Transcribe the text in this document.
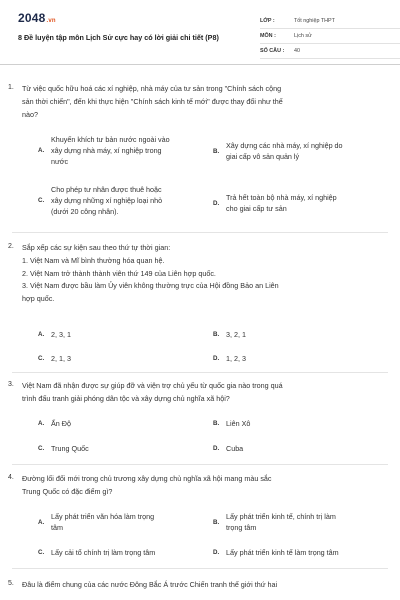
2048.vn
8 Đề luyện tập môn Lịch Sử cực hay có lời giải chi tiết (P8)
LỚP :	Tốt nghiệp THPT
MÔN :	Lịch sử
SỐ CÂU :	40
1. Từ việc quốc hữu hoá các xí nghiệp, nhà máy của tư sản trong "Chính sách cộng
sản thời chiến", đến khi thực hiện "Chính sách kinh tế mới" được thay đổi như thế
nào?
A.
Khuyến khích tư bản nước ngoài vào
xây dựng nhà máy, xí nghiệp trong
nước
B.
Xây dựng các nhà máy, xí nghiệp do
giai cấp vô sản quản lý
C.
Cho phép tư nhân được thuê hoặc
xây dựng những xí nghiệp loại nhỏ
(dưới 20 công nhân).
D.
Trả hết toàn bộ nhà máy, xí nghiệp
cho giai cấp tư sản
2. Sắp xếp các sự kiện sau theo thứ tự thời gian:
1. Việt Nam và Mĩ bình thường hóa quan hệ.
2. Việt Nam trở thành thành viên thứ 149 của Liên hợp quốc.
3. Việt Nam được bầu làm Ủy viên không thường trực của Hội đồng Bảo an Liên
hợp quốc.
A. 2, 3, 1	B. 3, 2, 1
C. 2, 1, 3	D. 1, 2, 3
3. Việt Nam đã nhận được sự giúp đỡ và viện trợ chủ yếu từ quốc gia nào trong quá
trình đấu tranh giải phóng dân tộc và xây dựng chủ nghĩa xã hội?
A. Ấn Độ	B. Liên Xô
C. Trung Quốc	D. Cuba
4. Đường lối đổi mới trong chủ trương xây dựng chủ nghĩa xã hội mang màu sắc
Trung Quốc có đặc điểm gì?
A.
Lấy phát triển văn hóa làm trọng
tâm
B.
Lấy phát triển kinh tế, chính trị làm
trọng tâm
C. Lấy cải tổ chính trị làm trọng tâm	D. Lấy phát triển kinh tế làm trọng tâm
5. Đâu là điểm chung của các nước Đông Bắc Á trước Chiến tranh thế giới thứ hai
